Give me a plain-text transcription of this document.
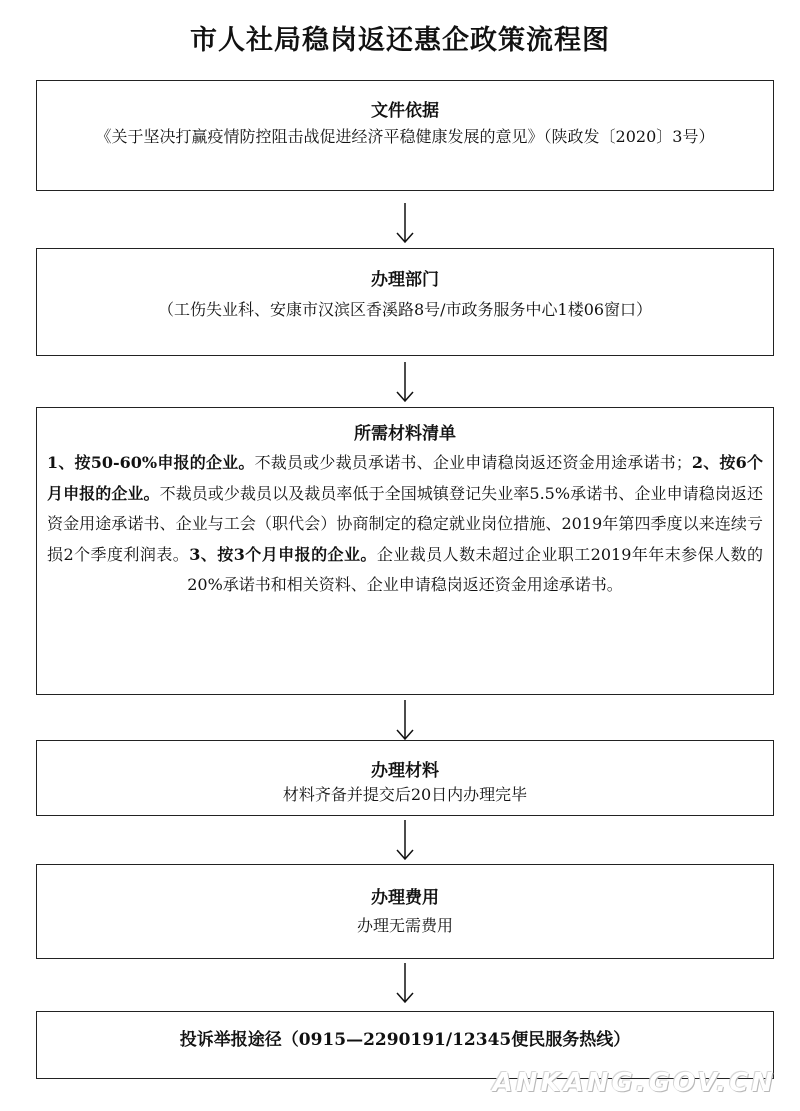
市人社局稳岗返还惠企政策流程图
文件依据
《关于坚决打赢疫情防控阻击战促进经济平稳健康发展的意见》（陕政发〔2020〕3号）
办理部门
（工伤失业科、安康市汉滨区香溪路8号/市政务服务中心1楼06窗口）
所需材料清单
1、按50-60%申报的企业。不裁员或少裁员承诺书、企业申请稳岗返还资金用途承诺书；2、按6个月申报的企业。不裁员或少裁员以及裁员率低于全国城镇登记失业率5.5%承诺书、企业申请稳岗返还资金用途承诺书、企业与工会（职代会）协商制定的稳定就业岗位措施、2019年第四季度以来连续亏损2个季度利润表。3、按3个月申报的企业。企业裁员人数未超过企业职工2019年年末参保人数的20%承诺书和相关资料、企业申请稳岗返还资金用途承诺书。
办理材料
材料齐备并提交后20日内办理完毕
办理费用
办理无需费用
投诉举报途径（0915—2290191/12345便民服务热线）
ANKANG.GOV.CN
